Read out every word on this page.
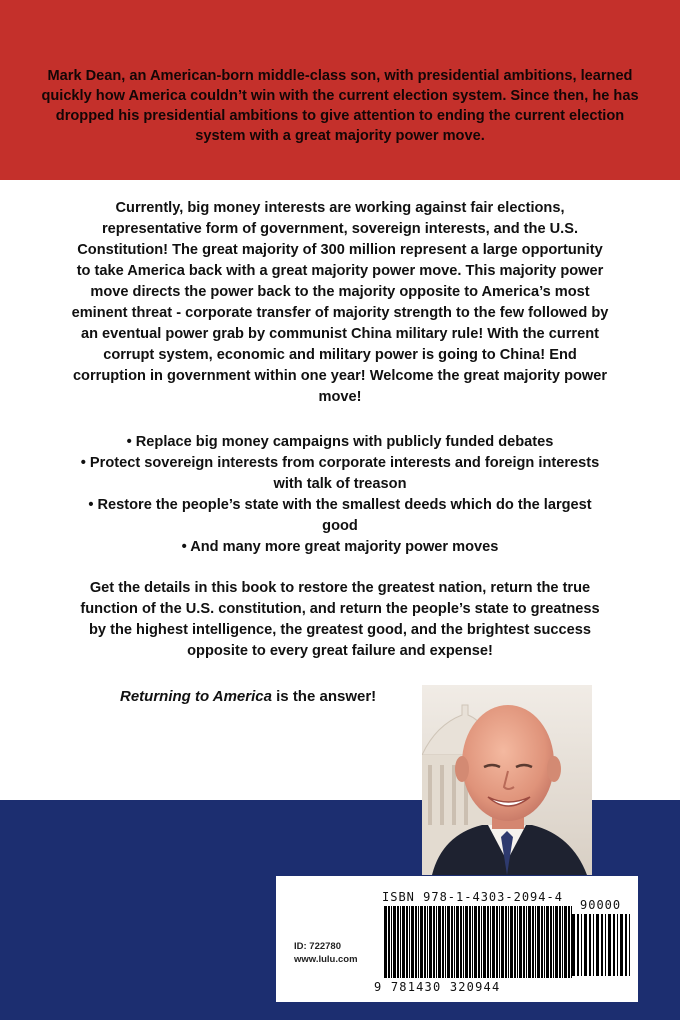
Mark Dean, an American-born middle-class son, with presidential ambitions, learned quickly how America couldn’t win with the current election system. Since then, he has dropped his presidential ambitions to give attention to ending the current election system with a great majority power move.
Currently, big money interests are working against fair elections, representative form of government, sovereign interests, and the U.S. Constitution! The great majority of 300 million represent a large opportunity to take America back with a great majority power move. This majority power move directs the power back to the majority opposite to America’s most eminent threat - corporate transfer of majority strength to the few followed by an eventual power grab by communist China military rule! With the current corrupt system, economic and military power is going to China! End corruption in government within one year! Welcome the great majority power move!
• Replace big money campaigns with publicly funded debates
• Protect sovereign interests from corporate interests and foreign interests with talk of treason
• Restore the people’s state with the smallest deeds which do the largest good
• And many more great majority power moves
Get the details in this book to restore the greatest nation, return the true function of the U.S. constitution, and return the people’s state to greatness by the highest intelligence, the greatest good, and the brightest success opposite to every great failure and expense!
Returning to America is the answer!
ISBN 978-1-4303-2094-4
90000
9 781430 320944
ID: 722780
www.lulu.com
